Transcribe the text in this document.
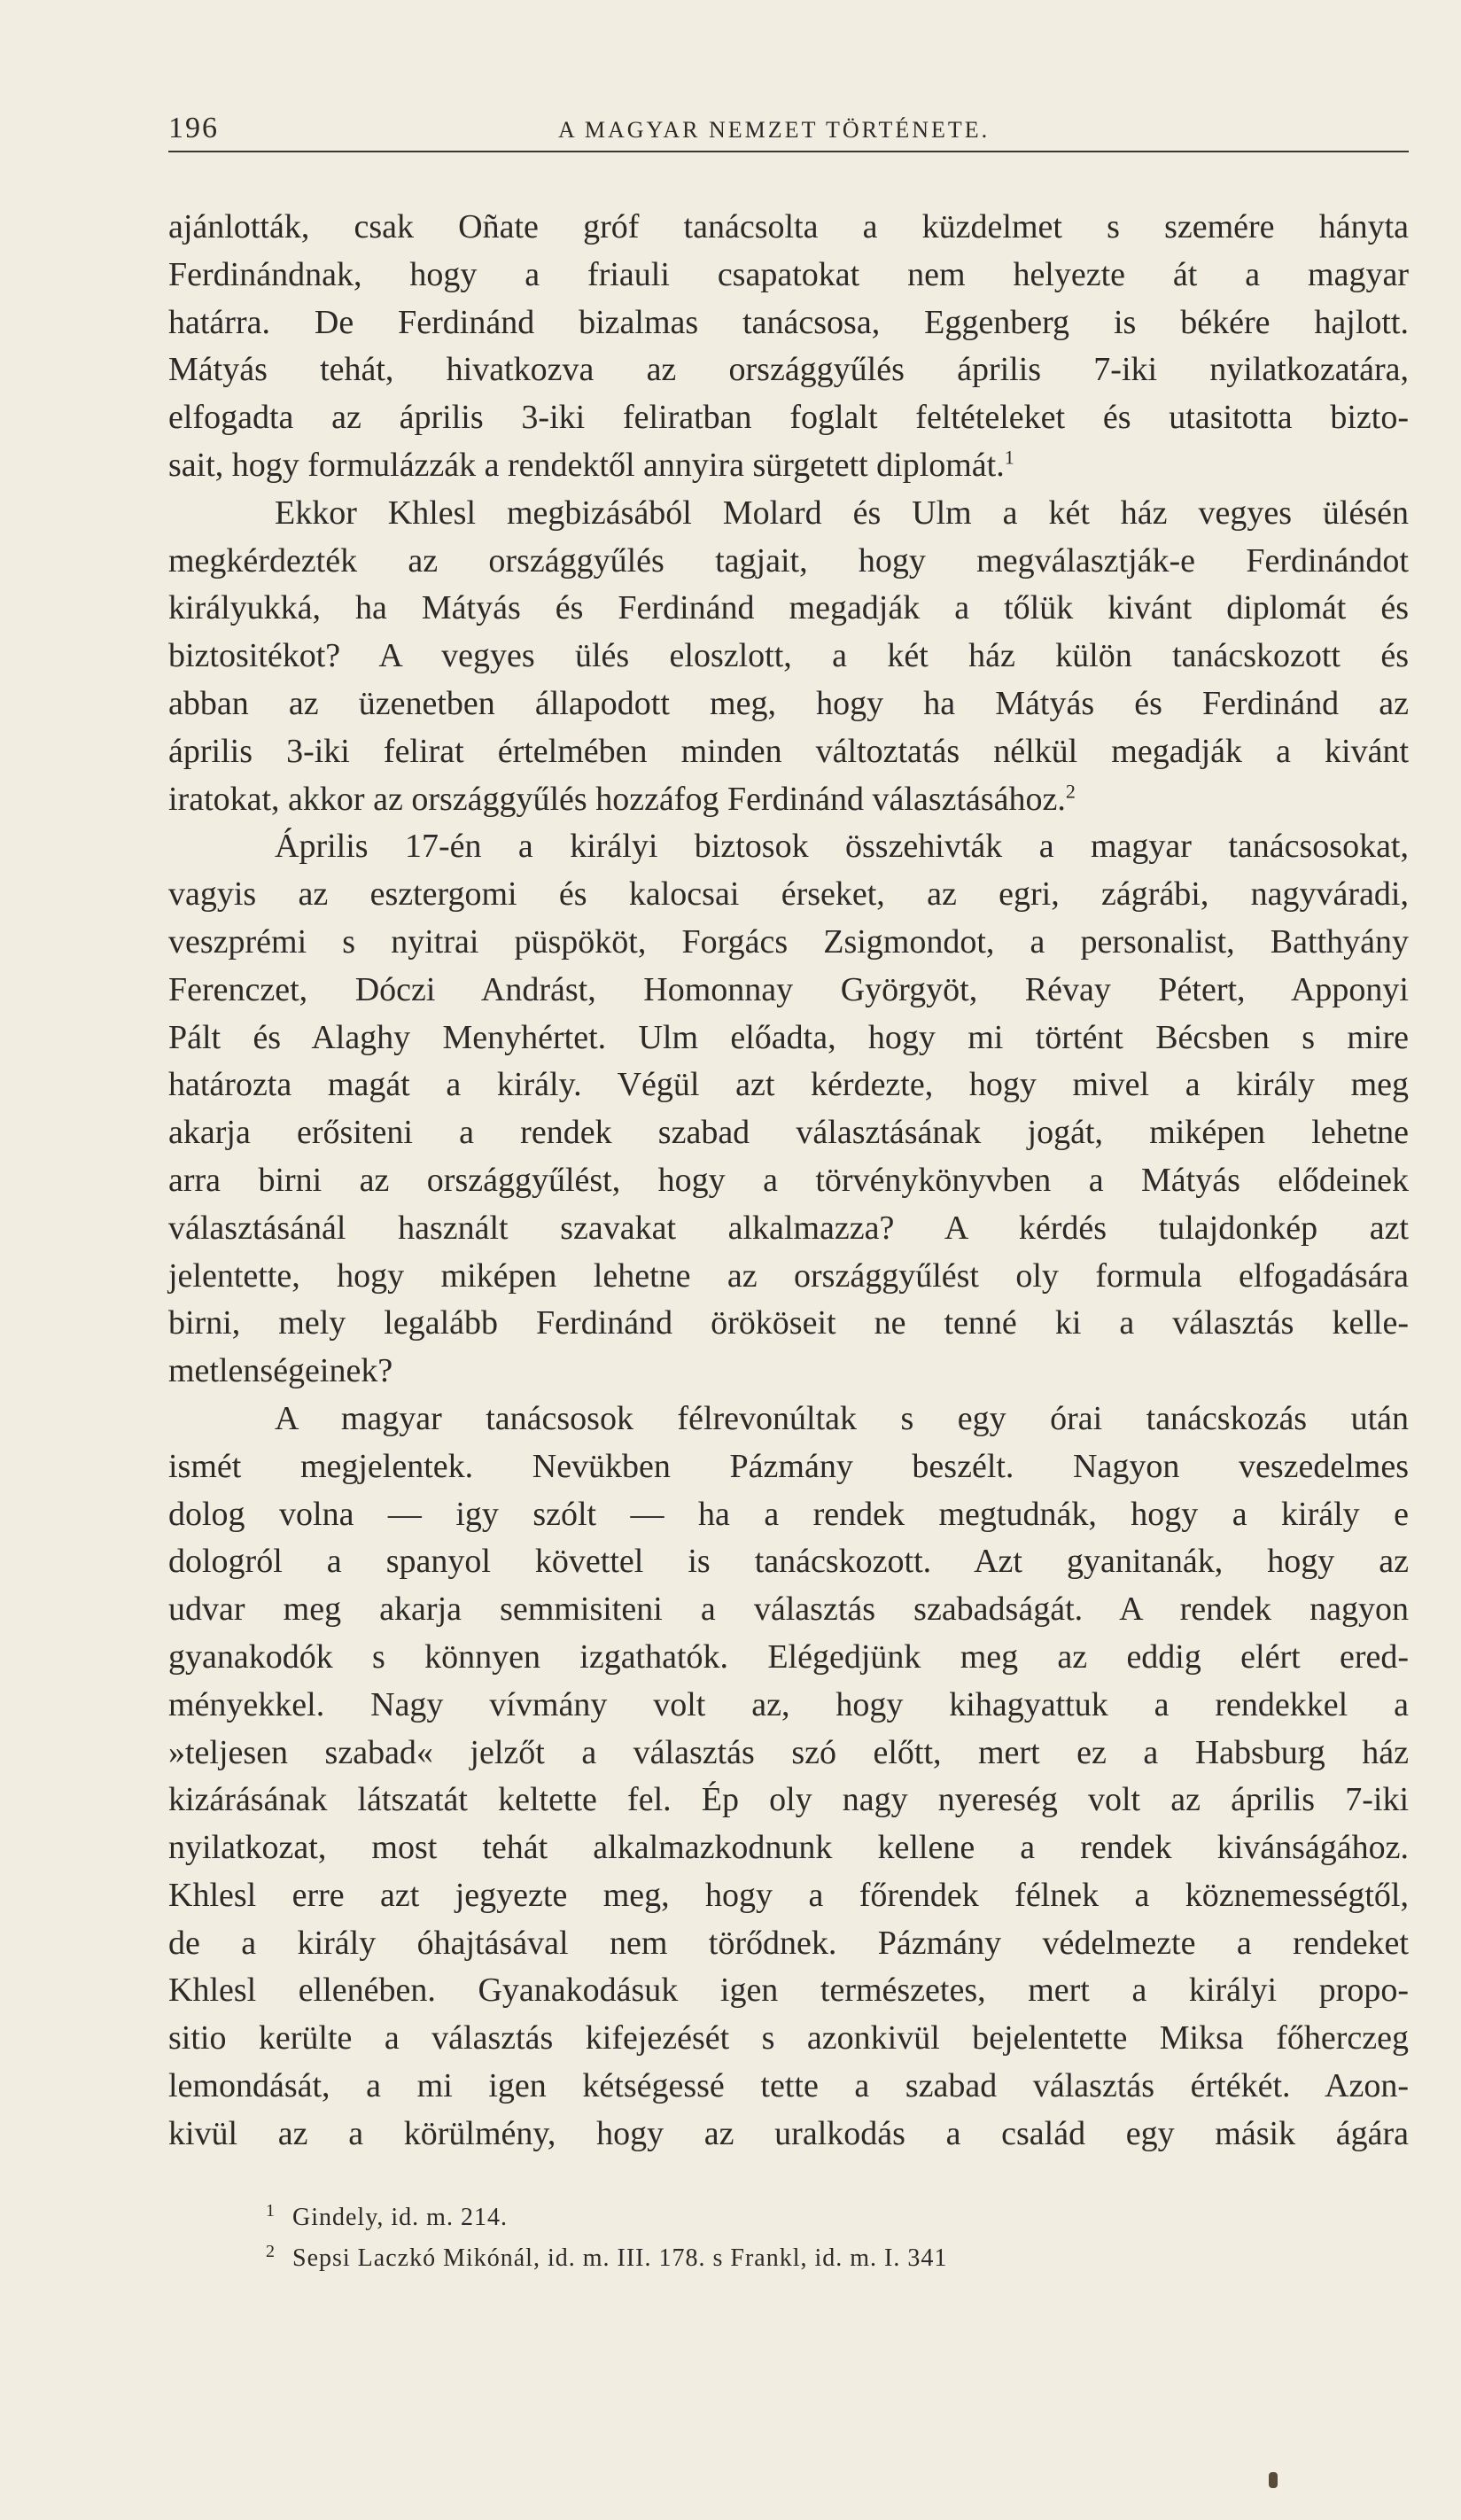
196	A MAGYAR NEMZET TÖRTÉNETE.
ajánlották, csak Oñate gróf tanácsolta a küzdelmet s szemére hányta
Ferdinándnak, hogy a friauli csapatokat nem helyezte át a magyar
határra. De Ferdinánd bizalmas tanácsosa, Eggenberg is békére hajlott.
Mátyás tehát, hivatkozva az országgyűlés április 7-iki nyilatkozatára,
elfogadta az április 3-iki feliratban foglalt feltételeket és utasitotta bizto-
sait, hogy formulázzák a rendektől annyira sürgetett diplomát.$^1$
Ekkor Khlesl megbizásából Molard és Ulm a két ház vegyes ülésén
megkérdezték az országgyűlés tagjait, hogy megválasztják-e Ferdinándot
királyukká, ha Mátyás és Ferdinánd megadják a tőlük kivánt diplomát és
biztositékot? A vegyes ülés eloszlott, a két ház külön tanácskozott és
abban az üzenetben állapodott meg, hogy ha Mátyás és Ferdinánd az
április 3-iki felirat értelmében minden változtatás nélkül megadják a kivánt
iratokat, akkor az országgyűlés hozzáfog Ferdinánd választásához.$^2$
Április 17-én a királyi biztosok összehivták a magyar tanácsosokat,
vagyis az esztergomi és kalocsai érseket, az egri, zágrábi, nagyváradi,
veszprémi s nyitrai püspököt, Forgács Zsigmondot, a personalist, Batthyány
Ferenczet, Dóczi Andrást, Homonnay Györgyöt, Révay Pétert, Apponyi
Pált és Alaghy Menyhértet. Ulm előadta, hogy mi történt Bécsben s mire
határozta magát a király. Végül azt kérdezte, hogy mivel a király meg
akarja erősiteni a rendek szabad választásának jogát, miképen lehetne
arra birni az országgyűlést, hogy a törvénykönyvben a Mátyás elődeinek
választásánál használt szavakat alkalmazza? A kérdés tulajdonkép azt
jelentette, hogy miképen lehetne az országgyűlést oly formula elfogadására
birni, mely legalább Ferdinánd örököseit ne tenné ki a választás kelle-
metlenségeinek?
A magyar tanácsosok félrevonúltak s egy órai tanácskozás után
ismét megjelentek. Nevükben Pázmány beszélt. Nagyon veszedelmes
dolog volna — igy szólt — ha a rendek megtudnák, hogy a király e
dologról a spanyol követtel is tanácskozott. Azt gyanitanák, hogy az
udvar meg akarja semmisiteni a választás szabadságát. A rendek nagyon
gyanakodók s könnyen izgathatók. Elégedjünk meg az eddig elért ered-
ményekkel. Nagy vívmány volt az, hogy kihagyattuk a rendekkel a
»teljesen szabad« jelzőt a választás szó előtt, mert ez a Habsburg ház
kizárásának látszatát keltette fel. Ép oly nagy nyereség volt az április 7-iki
nyilatkozat, most tehát alkalmazkodnunk kellene a rendek kivánságához.
Khlesl erre azt jegyezte meg, hogy a főrendek félnek a köznemességtől,
de a király óhajtásával nem törődnek. Pázmány védelmezte a rendeket
Khlesl ellenében. Gyanakodásuk igen természetes, mert a királyi propo-
sitio kerülte a választás kifejezését s azonkivül bejelentette Miksa főherczeg
lemondását, a mi igen kétségessé tette a szabad választás értékét. Azon-
kivül az a körülmény, hogy az uralkodás a család egy másik ágára
1 Gindely, id. m. 214.
2 Sepsi Laczkó Mikónál, id. m. III. 178. s Frankl, id. m. I. 341
